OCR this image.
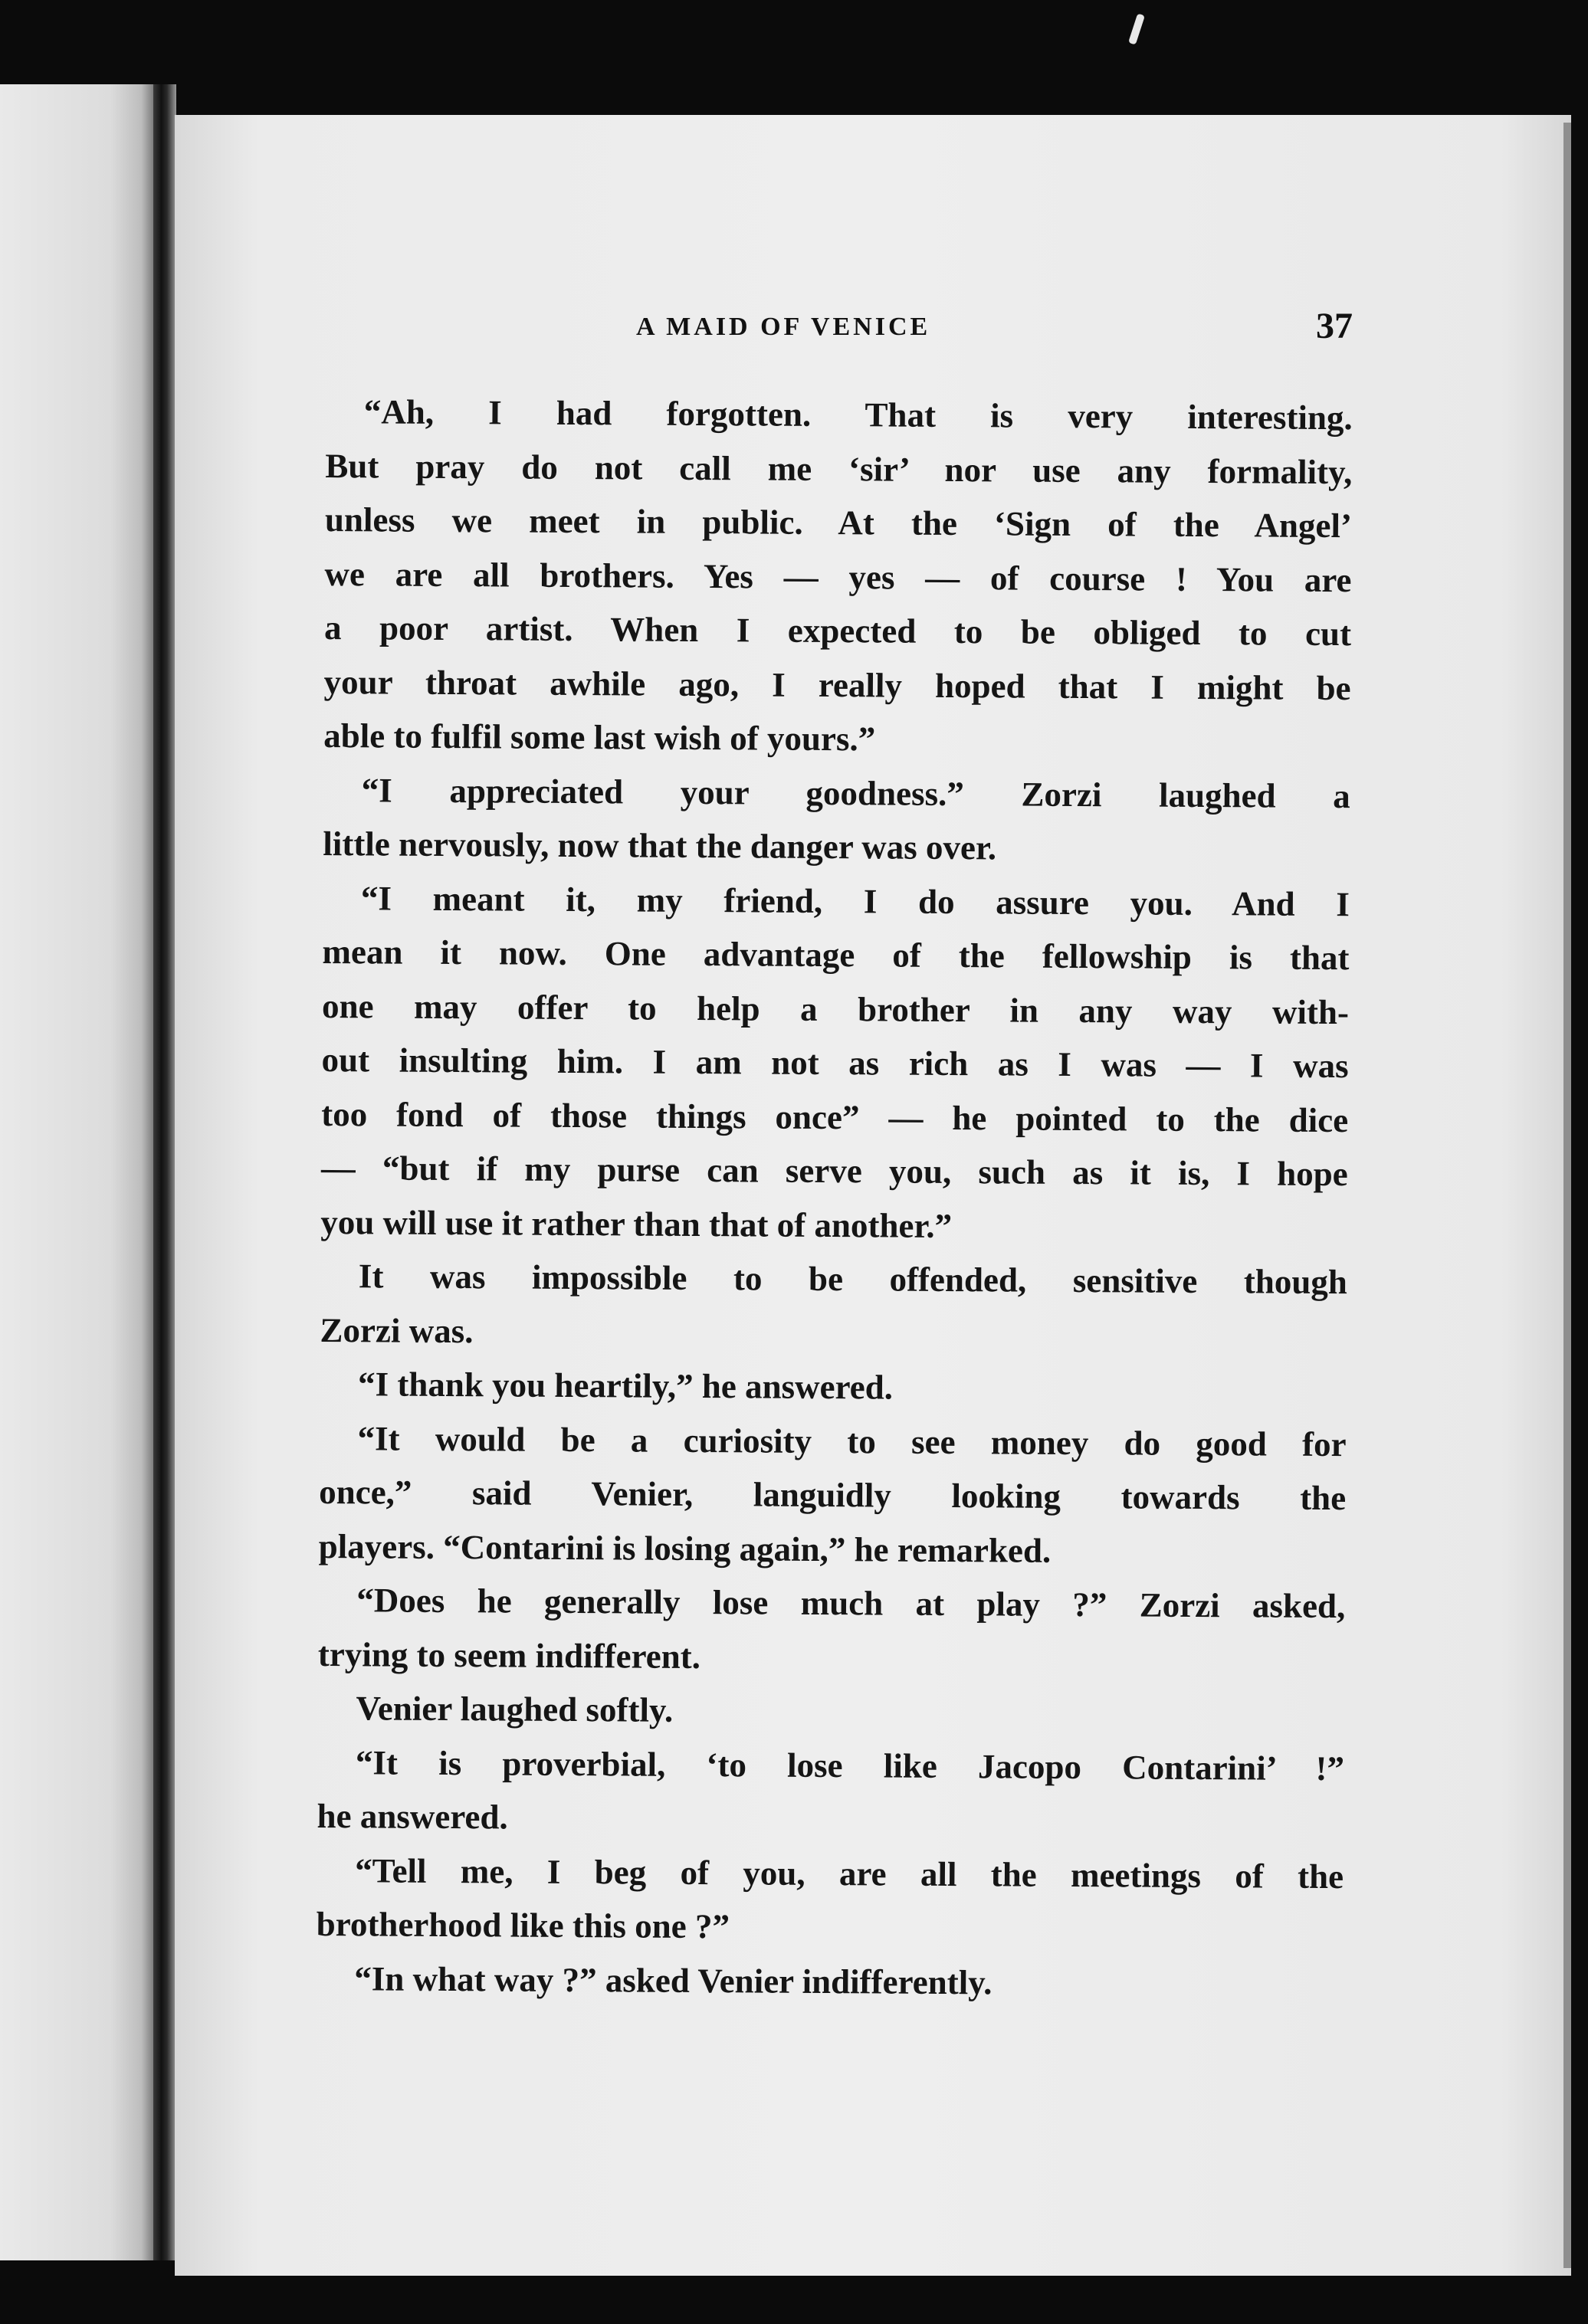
A MAID OF VENICE	37
“Ah, I had forgotten. That is very interesting.
But pray do not call me ‘sir’ nor use any formality,
unless we meet in public. At the ‘Sign of the Angel’
we are all brothers. Yes — yes — of course ! You are
a poor artist. When I expected to be obliged to cut
your throat awhile ago, I really hoped that I might be
able to fulfil some last wish of yours.”
“I appreciated your goodness.” Zorzi laughed a
little nervously, now that the danger was over.
“I meant it, my friend, I do assure you. And I
mean it now. One advantage of the fellowship is that
one may offer to help a brother in any way with-
out insulting him. I am not as rich as I was — I was
too fond of those things once” — he pointed to the dice
— “but if my purse can serve you, such as it is, I hope
you will use it rather than that of another.”
It was impossible to be offended, sensitive though
Zorzi was.
“I thank you heartily,” he answered.
“It would be a curiosity to see money do good for
once,” said Venier, languidly looking towards the
players. “Contarini is losing again,” he remarked.
“Does he generally lose much at play ?” Zorzi asked,
trying to seem indifferent.
Venier laughed softly.
“It is proverbial, ‘to lose like Jacopo Contarini’ !”
he answered.
“Tell me, I beg of you, are all the meetings of the
brotherhood like this one ?”
“In what way ?” asked Venier indifferently.
